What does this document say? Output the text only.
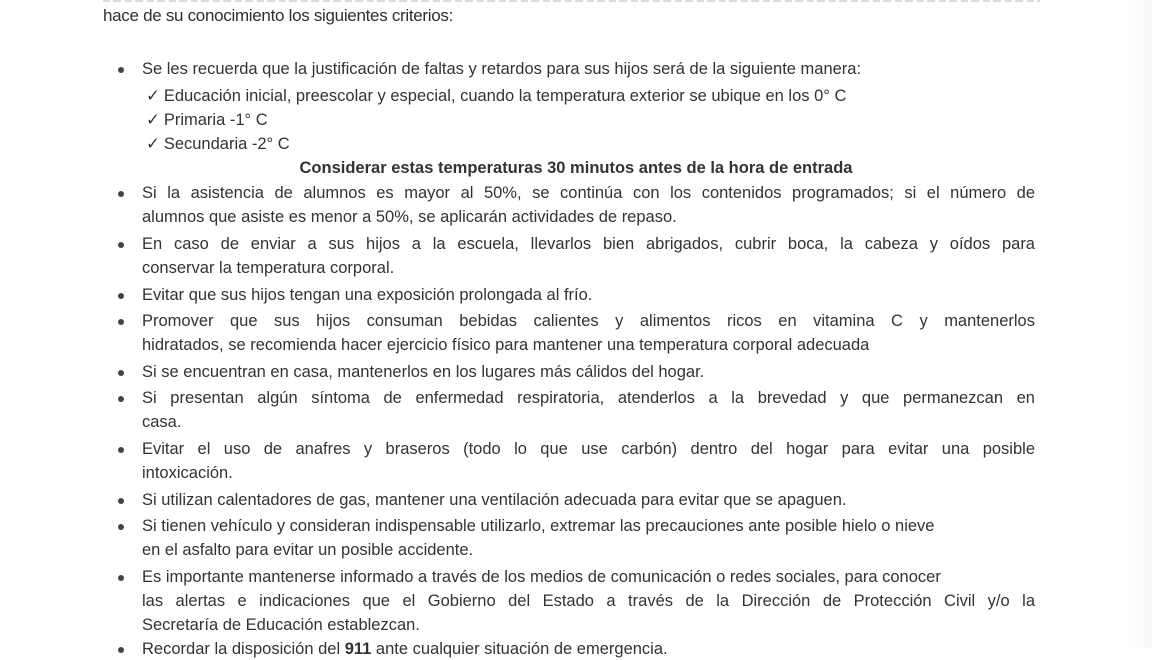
hace de su conocimiento los siguientes criterios:
Se les recuerda que la justificación de faltas y retardos para sus hijos será de la siguiente manera:
✓ Educación inicial, preescolar y especial, cuando la temperatura exterior se ubique en los 0° C
✓ Primaria -1° C
✓ Secundaria -2° C
Considerar estas temperaturas 30 minutos antes de la hora de entrada
Si la asistencia de alumnos es mayor al 50%, se continúa con los contenidos programados; si el número de
alumnos que asiste es menor a 50%, se aplicarán actividades de repaso.
En caso de enviar a sus hijos a la escuela, llevarlos bien abrigados, cubrir boca, la cabeza y oídos para
conservar la temperatura corporal.
Evitar que sus hijos tengan una exposición prolongada al frío.
Promover que sus hijos consuman bebidas calientes y alimentos ricos en vitamina C y mantenerlos
hidratados, se recomienda hacer ejercicio físico para mantener una temperatura corporal adecuada
Si se encuentran en casa, mantenerlos en los lugares más cálidos del hogar.
Si presentan algún síntoma de enfermedad respiratoria, atenderlos a la brevedad y que permanezcan en
casa.
Evitar el uso de anafres y braseros (todo lo que use carbón) dentro del hogar para evitar una posible
intoxicación.
Si utilizan calentadores de gas, mantener una ventilación adecuada para evitar que se apaguen.
Si tienen vehículo y consideran indispensable utilizarlo, extremar las precauciones ante posible hielo o nieve
en el asfalto para evitar un posible accidente.
Es importante mantenerse informado a través de los medios de comunicación o redes sociales, para conocer
las alertas e indicaciones que el Gobierno del Estado a través de la Dirección de Protección Civil y/o la
Secretaría de Educación establezcan.
Recordar la disposición del 911 ante cualquier situación de emergencia.
